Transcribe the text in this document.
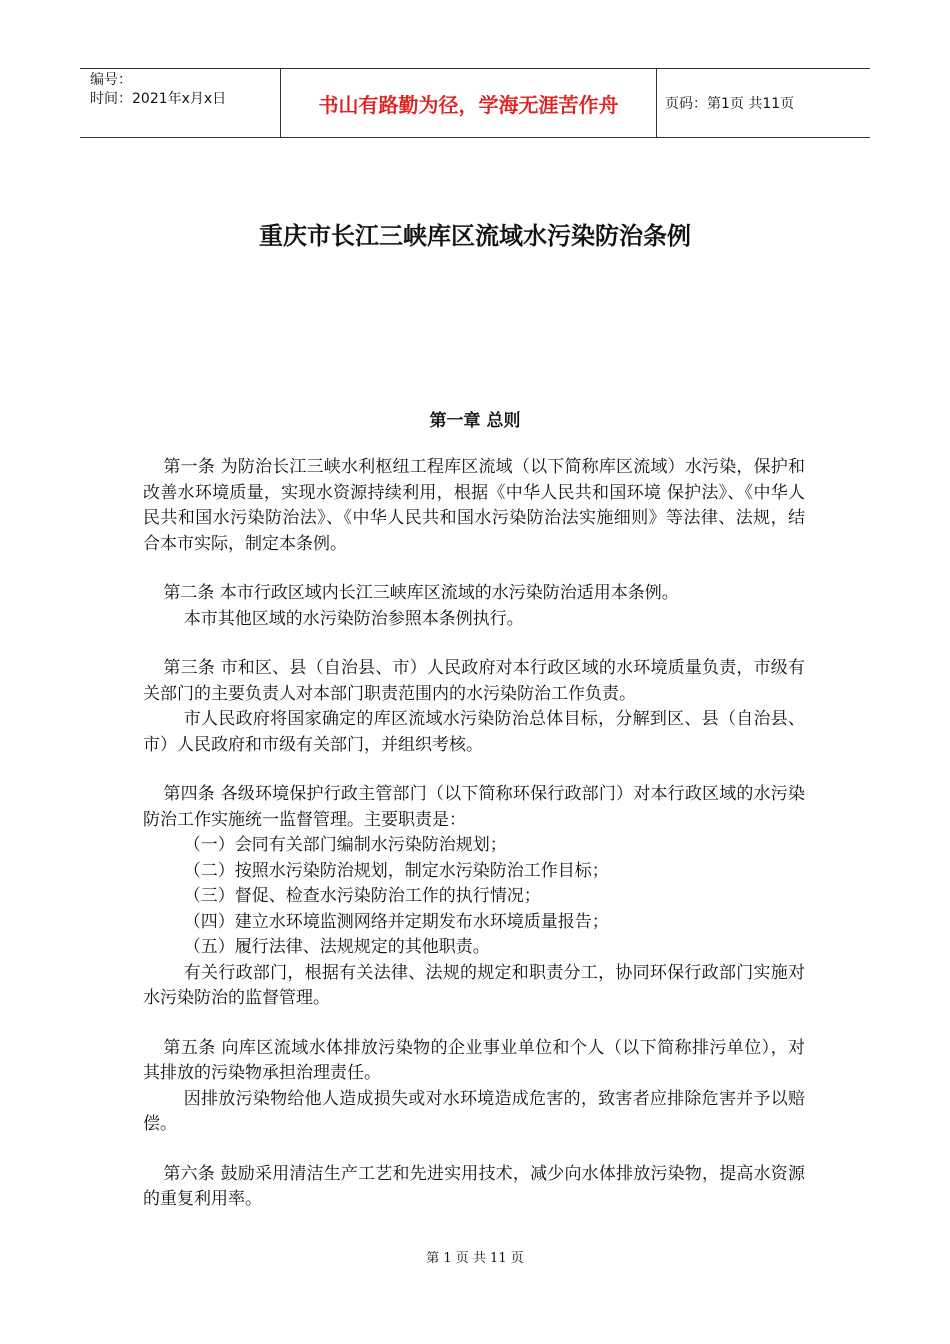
编号：
时间：2021年x月x日	书山有路勤为径，学海无涯苦作舟	页码：第1页 共11页
重庆市长江三峡库区流域水污染防治条例
第一章 总则

第一条 为防治长江三峡水利枢纽工程库区流域（以下简称库区流域）水污染，保护和改善水环境质量，实现水资源持续利用，根据《中华人民共和国环境 保护法》、《中华人民共和国水污染防治法》、《中华人民共和国水污染防治法实施细则》等法律、法规，结合本市实际，制定本条例。

第二条 本市行政区域内长江三峡库区流域的水污染防治适用本条例。

本市其他区域的水污染防治参照本条例执行。

第三条 市和区、县（自治县、市）人民政府对本行政区域的水环境质量负责，市级有关部门的主要负责人对本部门职责范围内的水污染防治工作负责。

市人民政府将国家确定的库区流域水污染防治总体目标，分解到区、县（自治县、市）人民政府和市级有关部门，并组织考核。

第四条 各级环境保护行政主管部门（以下简称环保行政部门）对本行政区域的水污染防治工作实施统一监督管理。主要职责是：

（一）会同有关部门编制水污染防治规划；

（二）按照水污染防治规划，制定水污染防治工作目标；

（三）督促、检查水污染防治工作的执行情况；

（四）建立水环境监测网络并定期发布水环境质量报告；

（五）履行法律、法规规定的其他职责。

有关行政部门，根据有关法律、法规的规定和职责分工，协同环保行政部门实施对水污染防治的监督管理。

第五条 向库区流域水体排放污染物的企业事业单位和个人（以下简称排污单位），对其排放的污染物承担治理责任。

因排放污染物给他人造成损失或对水环境造成危害的，致害者应排除危害并予以赔偿。

第六条 鼓励采用清洁生产工艺和先进实用技术，减少向水体排放污染物，提高水资源的重复利用率。

第 1 页 共 11 页
